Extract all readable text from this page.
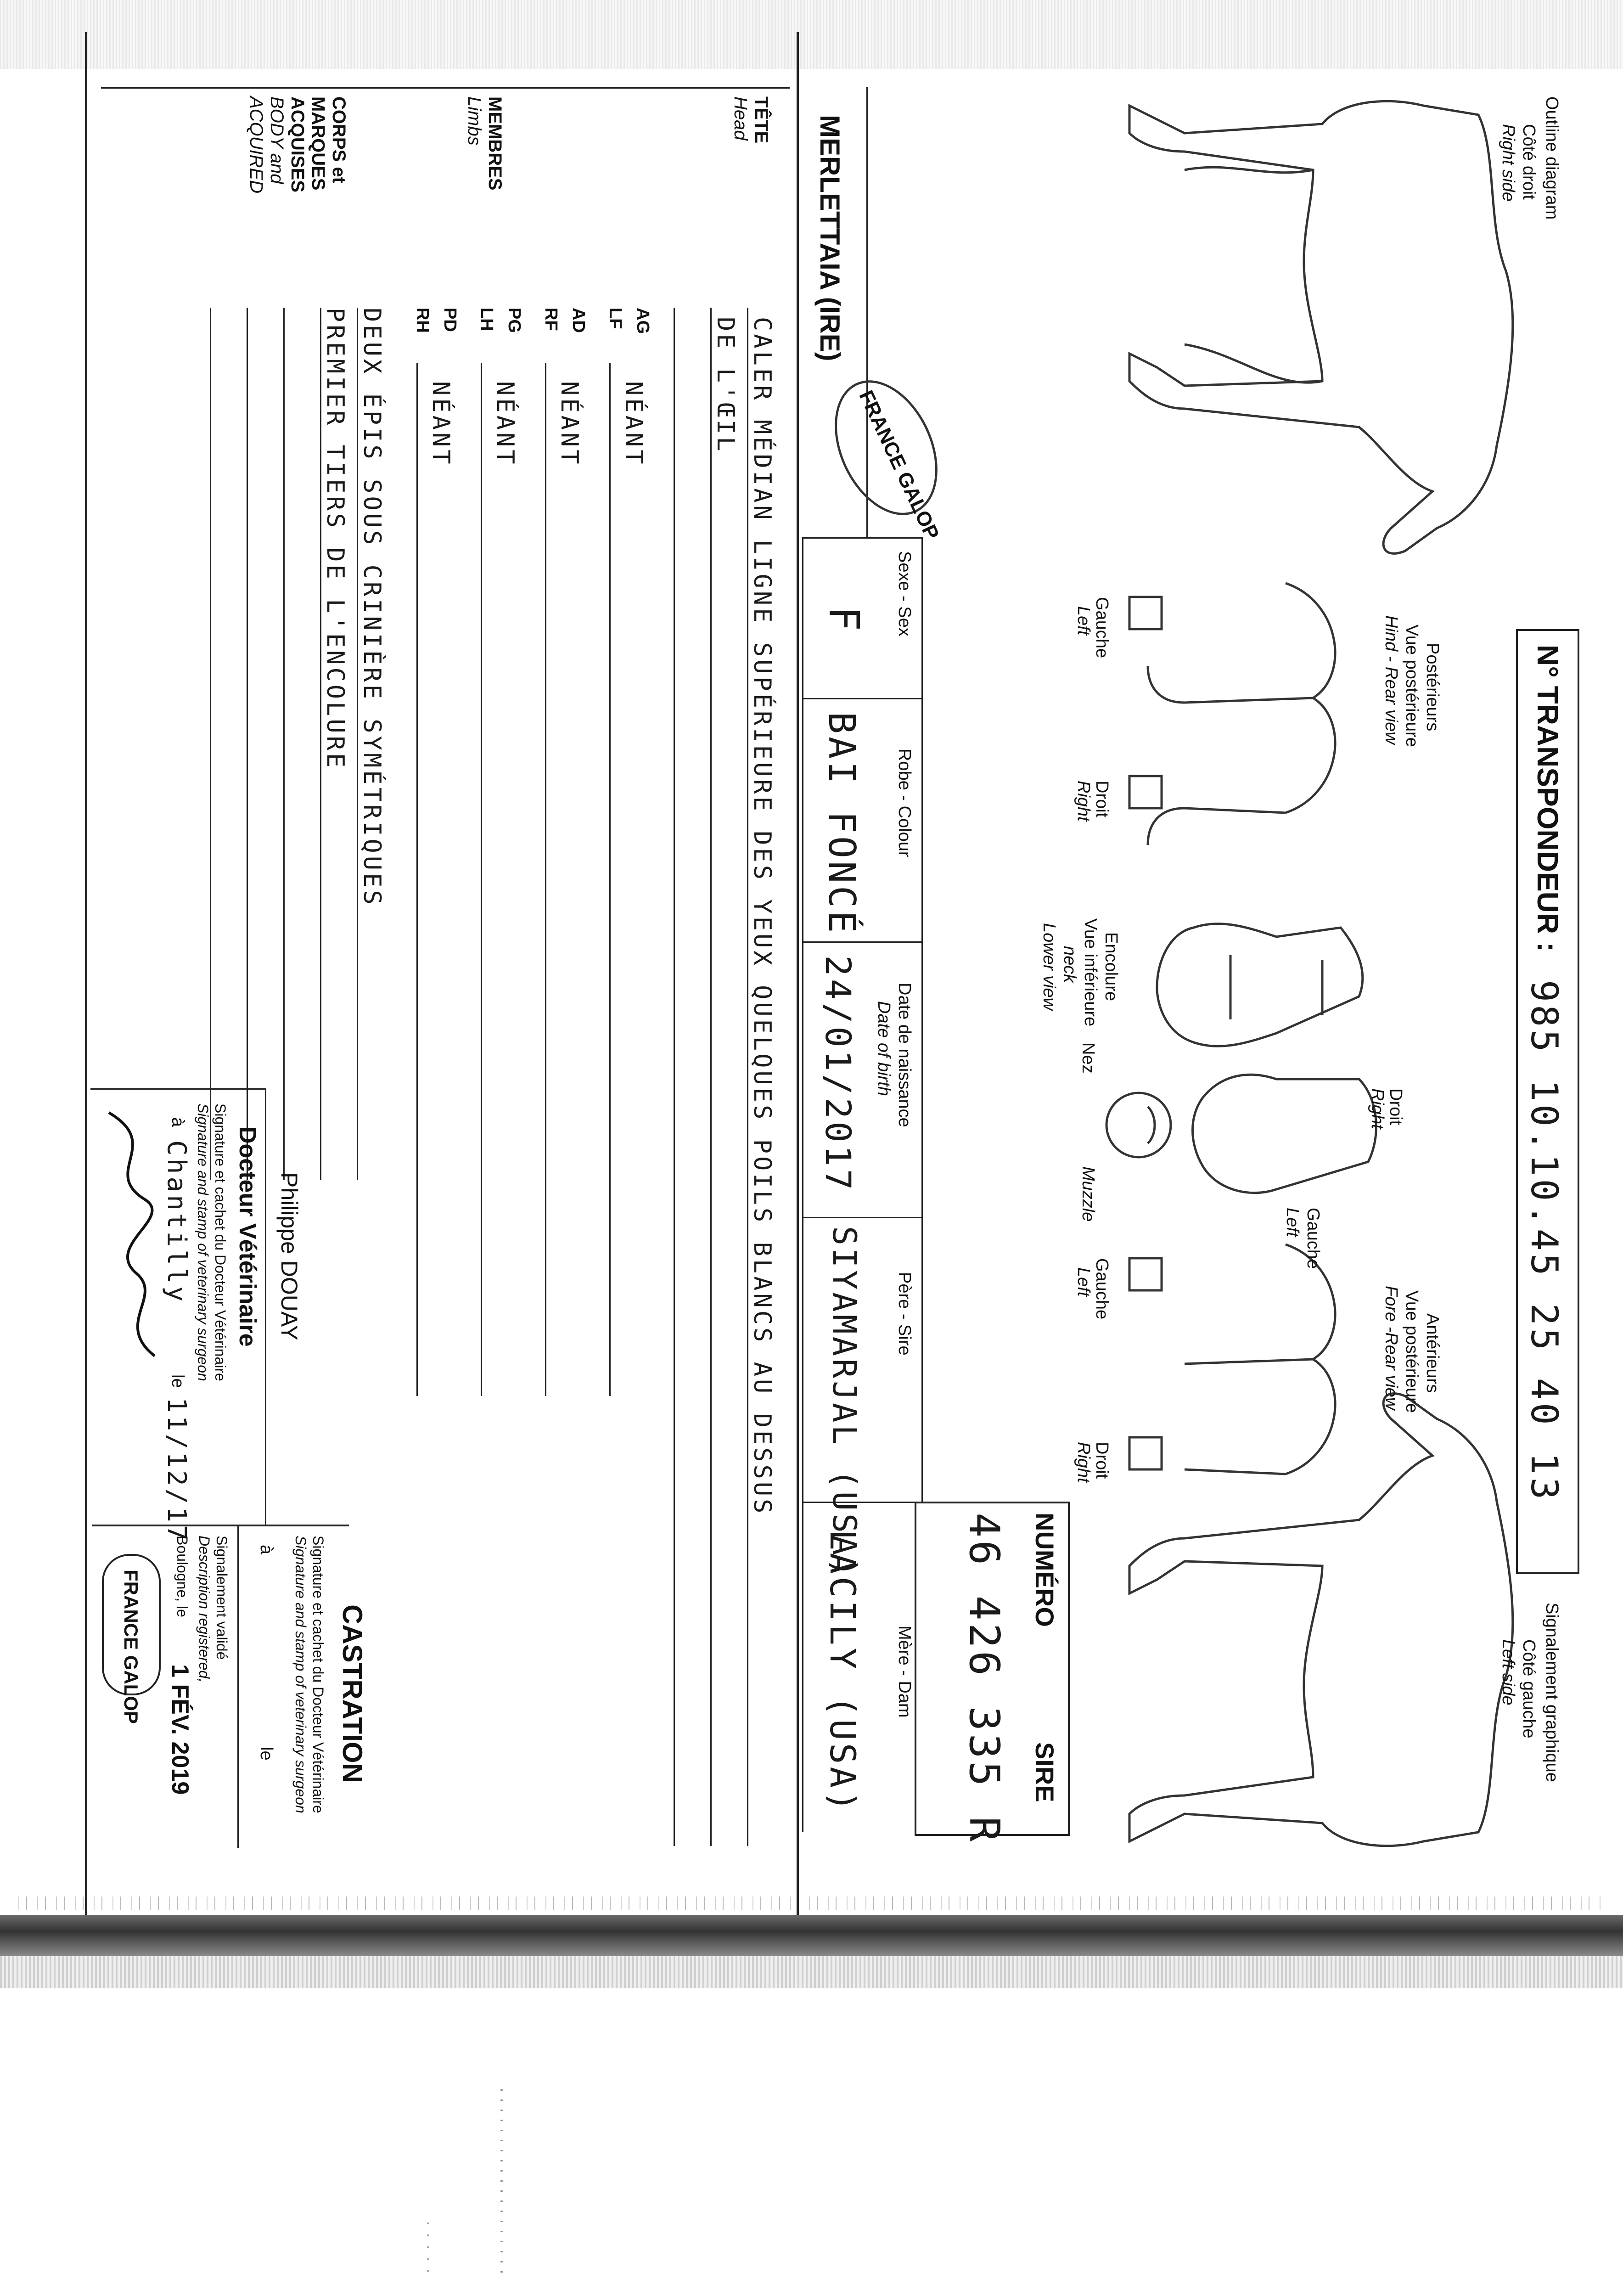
Outline diagram
Côté droit
Right side
Signalement graphique
Côté gauche
Left side
Postérieurs
Vue postérieure
Hind - Rear view
Encolure
Vue inférieure
neck
Lower view
Droit
Right
Gauche
Left
Nez
Muzzle
Antérieurs
Vue postérieure
Fore -Rear view
Gauche
Left
Droit
Right
Gauche
Left
Droit
Right
N° TRANSPONDEUR :
985 10.10.45 25 40 13
NUMÉRO
SIRE
46 426 335 R
Sexe - Sex
F
Robe - Colour
BAI FONCÉ
Date de naissance
Date of birth
24/01/2017
Père - Sire
SIYAMARJAL (USA)
Mère - Dam
LACILY (USA)
MERLETTAIA (IRE)
FRANCE GALOP
TÊTE
Head
CALER MÉDIAN LIGNE SUPÉRIEURE DES YEUX QUELQUES POILS BLANCS AU DESSUS
DE L'ŒIL
MEMBRES
Limbs
AG
LF
NÉANT
AD
RF
NÉANT
PG
LH
NÉANT
PD
RH
NÉANT
CORPS et
MARQUES
ACQUISES
BODY and
ACQUIRED
DEUX ÉPIS SOUS CRINIÈRE SYMÉTRIQUES
PREMIER TIERS DE L'ENCOLURE
Philippe DOUAY
Docteur Vétérinaire
Signature et cachet du Docteur Vétérinaire
Signature and stamp of veterinary surgeon
à
Chantilly
le
11/12/17
CASTRATION
Signature et cachet du Docteur Vétérinaire
Signature and stamp of veterinary surgeon
à
le
Signalement validé
Description registered,
Boulogne, le
1 FÉV. 2019
FRANCE GALOP
